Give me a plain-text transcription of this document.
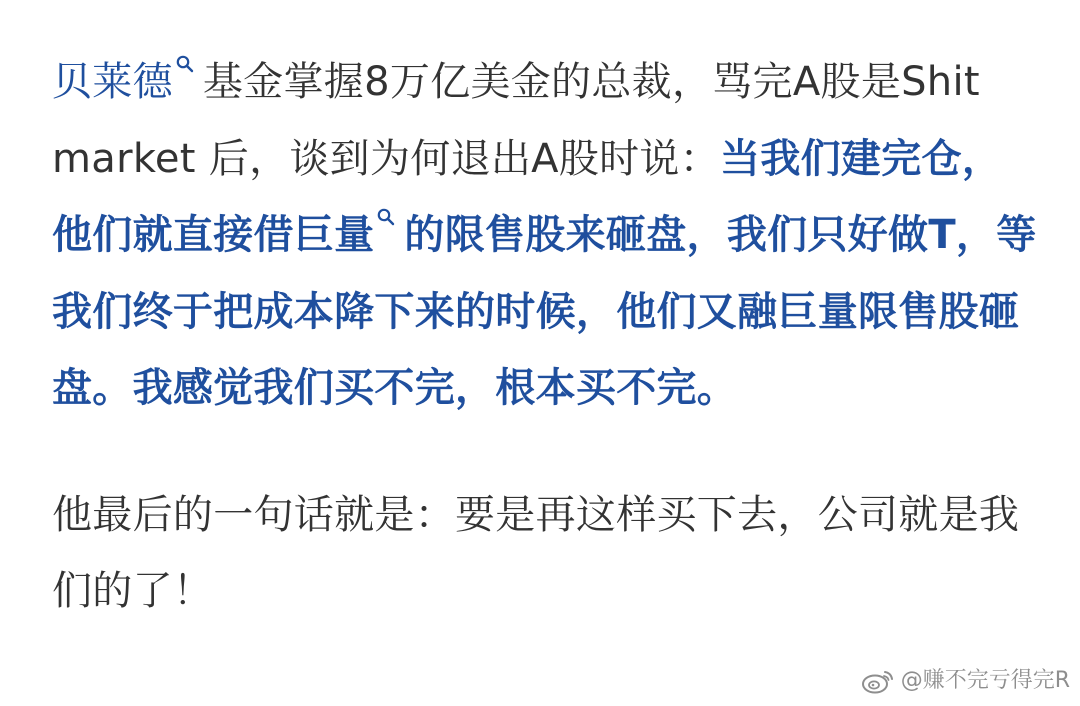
贝莱德 基金掌握8万亿美金的总裁，骂完A股是Shit market 后，谈到为何退出A股时说：当我们建完仓，他们就直接借巨量 的限售股来砸盘，我们只好做T，等我们终于把成本降下来的时候，他们又融巨量限售股砸盘。我感觉我们买不完，根本买不完。

他最后的一句话就是：要是再这样买下去，公司就是我们的了！

@赚不完亏得完R
